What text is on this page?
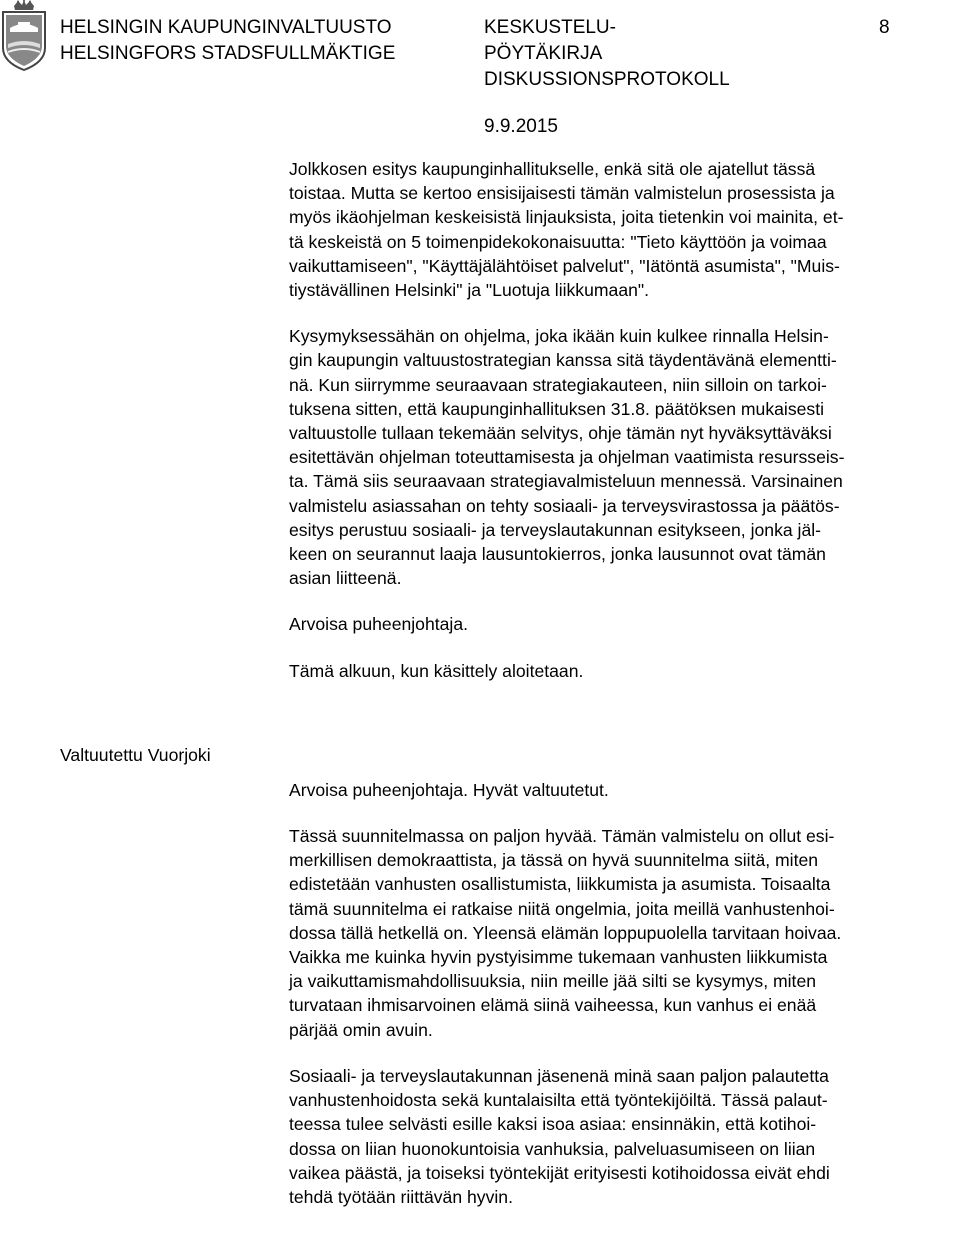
HELSINGIN KAUPUNGINVALTUUSTO
HELSINGFORS STADSFULLMÄKTIGE
KESKUSTELU-
PÖYTÄKIRJA
DISKUSSIONSPROTOKOLL
8
9.9.2015

Jolkkosen esitys kaupunginhallitukselle, enkä sitä ole ajatellut tässä
toistaa. Mutta se kertoo ensisijaisesti tämän valmistelun prosessista ja
myös ikäohjelman keskeisistä linjauksista, joita tietenkin voi mainita, et-
tä keskeistä on 5 toimenpidekokonaisuutta: "Tieto käyttöön ja voimaa
vaikuttamiseen", "Käyttäjälähtöiset palvelut", "Iätöntä asumista", "Muis-
tiystävällinen Helsinki" ja "Luotuja liikkumaan".

Kysymyksessähän on ohjelma, joka ikään kuin kulkee rinnalla Helsin-
gin kaupungin valtuustostrategian kanssa sitä täydentävänä elementti-
nä. Kun siirrymme seuraavaan strategiakauteen, niin silloin on tarkoi-
tuksena sitten, että kaupunginhallituksen 31.8. päätöksen mukaisesti
valtuustolle tullaan tekemään selvitys, ohje tämän nyt hyväksyttäväksi
esitettävän ohjelman toteuttamisesta ja ohjelman vaatimista resursseis-
ta. Tämä siis seuraavaan strategiavalmisteluun mennessä. Varsinainen
valmistelu asiassahan on tehty sosiaali- ja terveysvirastossa ja päätös-
esitys perustuu sosiaali- ja terveyslautakunnan esitykseen, jonka jäl-
keen on seurannut laaja lausuntokierros, jonka lausunnot ovat tämän
asian liitteenä.

Arvoisa puheenjohtaja.

Tämä alkuun, kun käsittely aloitetaan.

Arvoisa puheenjohtaja. Hyvät valtuutetut.

Tässä suunnitelmassa on paljon hyvää. Tämän valmistelu on ollut esi-
merkillisen demokraattista, ja tässä on hyvä suunnitelma siitä, miten
edistetään vanhusten osallistumista, liikkumista ja asumista. Toisaalta
tämä suunnitelma ei ratkaise niitä ongelmia, joita meillä vanhustenhoi-
dossa tällä hetkellä on. Yleensä elämän loppupuolella tarvitaan hoivaa.
Vaikka me kuinka hyvin pystyisimme tukemaan vanhusten liikkumista
ja vaikuttamismahdollisuuksia, niin meille jää silti se kysymys, miten
turvataan ihmisarvoinen elämä siinä vaiheessa, kun vanhus ei enää
pärjää omin avuin.

Sosiaali- ja terveyslautakunnan jäsenenä minä saan paljon palautetta
vanhustenhoidosta sekä kuntalaisilta että työntekijöiltä. Tässä palaut-
teessa tulee selvästi esille kaksi isoa asiaa: ensinnäkin, että kotihoi-
dossa on liian huonokuntoisia vanhuksia, palveluasumiseen on liian
vaikea päästä, ja toiseksi työntekijät erityisesti kotihoidossa eivät ehdi
tehdä työtään riittävän hyvin.

Valtuutettu Vuorjoki
